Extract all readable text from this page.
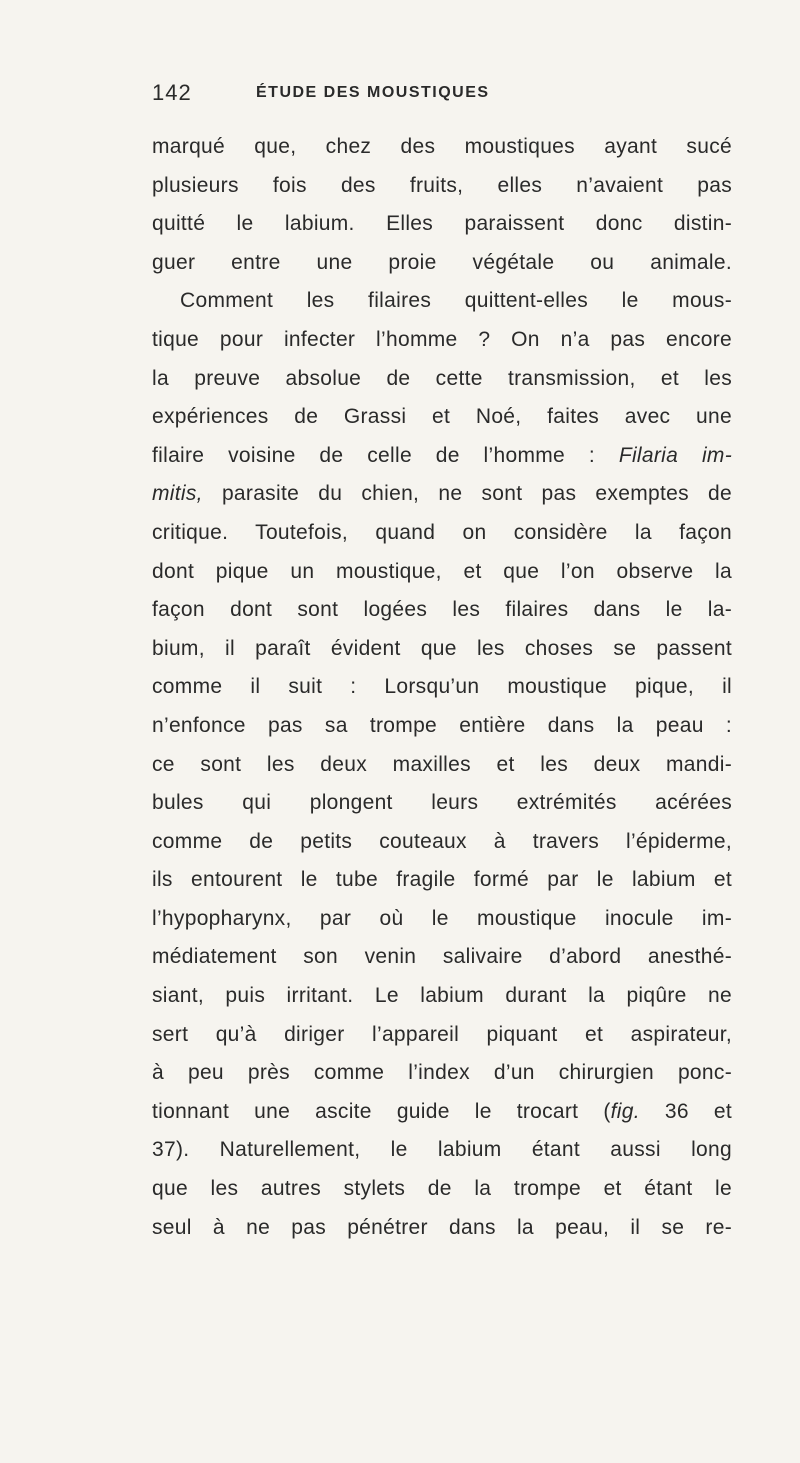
142	ÉTUDE DES MOUSTIQUES
marqué que, chez des moustiques ayant sucé
plusieurs fois des fruits, elles n’avaient pas
quitté le labium. Elles paraissent donc distin-
guer entre une proie végétale ou animale.
Comment les filaires quittent-elles le mous-
tique pour infecter l’homme ? On n’a pas encore
la preuve absolue de cette transmission, et les
expériences de Grassi et Noé, faites avec une
filaire voisine de celle de l’homme : Filaria im-
mitis, parasite du chien, ne sont pas exemptes de
critique. Toutefois, quand on considère la façon
dont pique un moustique, et que l’on observe la
façon dont sont logées les filaires dans le la-
bium, il paraît évident que les choses se passent
comme il suit : Lorsqu’un moustique pique, il
n’enfonce pas sa trompe entière dans la peau :
ce sont les deux maxilles et les deux mandi-
bules qui plongent leurs extrémités acérées
comme de petits couteaux à travers l’épiderme,
ils entourent le tube fragile formé par le labium et
l’hypopharynx, par où le moustique inocule im-
médiatement son venin salivaire d’abord anesthé-
siant, puis irritant. Le labium durant la piqûre ne
sert qu’à diriger l’appareil piquant et aspirateur,
à peu près comme l’index d’un chirurgien ponc-
tionnant une ascite guide le trocart (fig. 36 et
37). Naturellement, le labium étant aussi long
que les autres stylets de la trompe et étant le
seul à ne pas pénétrer dans la peau, il se re-
